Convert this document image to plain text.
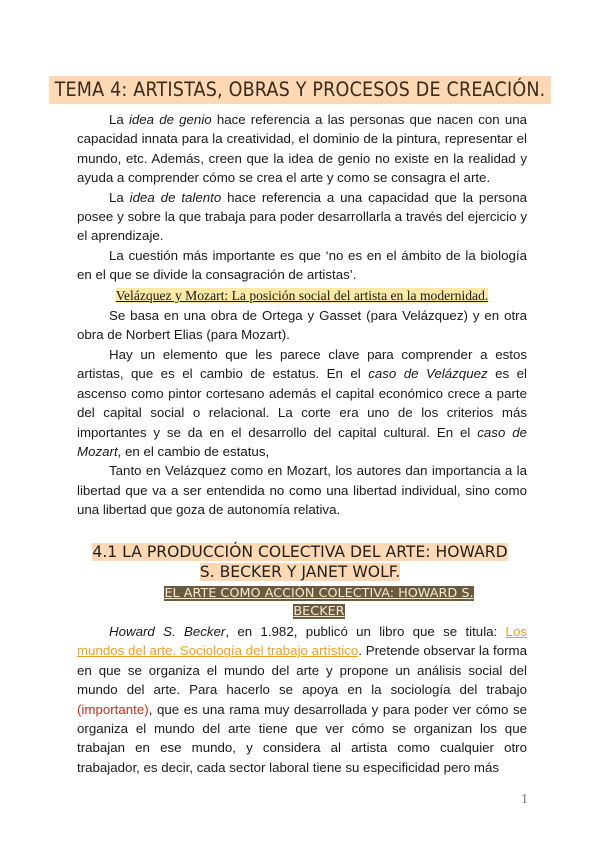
TEMA 4: ARTISTAS, OBRAS Y PROCESOS DE CREACIÓN.

La idea de genio hace referencia a las personas que nacen con una capacidad innata para la creatividad, el dominio de la pintura, representar el mundo, etc. Además, creen que la idea de genio no existe en la realidad y ayuda a comprender cómo se crea el arte y como se consagra el arte.

La idea de talento hace referencia a una capacidad que la persona posee y sobre la que trabaja para poder desarrollarla a través del ejercicio y el aprendizaje.

La cuestión más importante es que ‘no es en el ámbito de la biología en el que se divide la consagración de artistas’.

Velázquez y Mozart: La posición social del artista en la modernidad.

Se basa en una obra de Ortega y Gasset (para Velázquez) y en otra obra de Norbert Elias (para Mozart).

Hay un elemento que les parece clave para comprender a estos artistas, que es el cambio de estatus. En el caso de Velázquez es el ascenso como pintor cortesano además el capital económico crece a parte del capital social o relacional. La corte era uno de los criterios más importantes y se da en el desarrollo del capital cultural. En el caso de Mozart, en el cambio de estatus,

Tanto en Velázquez como en Mozart, los autores dan importancia a la libertad que va a ser entendida no como una libertad individual, sino como una libertad que goza de autonomía relativa.

4.1 LA PRODUCCIÓN COLECTIVA DEL ARTE: HOWARD
S. BECKER Y JANET WOLF.
EL ARTE COMO ACCIÓN COLECTIVA: HOWARD S.
BECKER

Howard S. Becker, en 1.982, publicó un libro que se titula: Los mundos del arte. Sociología del trabajo artístico. Pretende observar la forma en que se organiza el mundo del arte y propone un análisis social del mundo del arte. Para hacerlo se apoya en la sociología del trabajo (importante), que es una rama muy desarrollada y para poder ver cómo se organiza el mundo del arte tiene que ver cómo se organizan los que trabajan en ese mundo, y considera al artista como cualquier otro trabajador, es decir, cada sector laboral tiene su especificidad pero más

1
